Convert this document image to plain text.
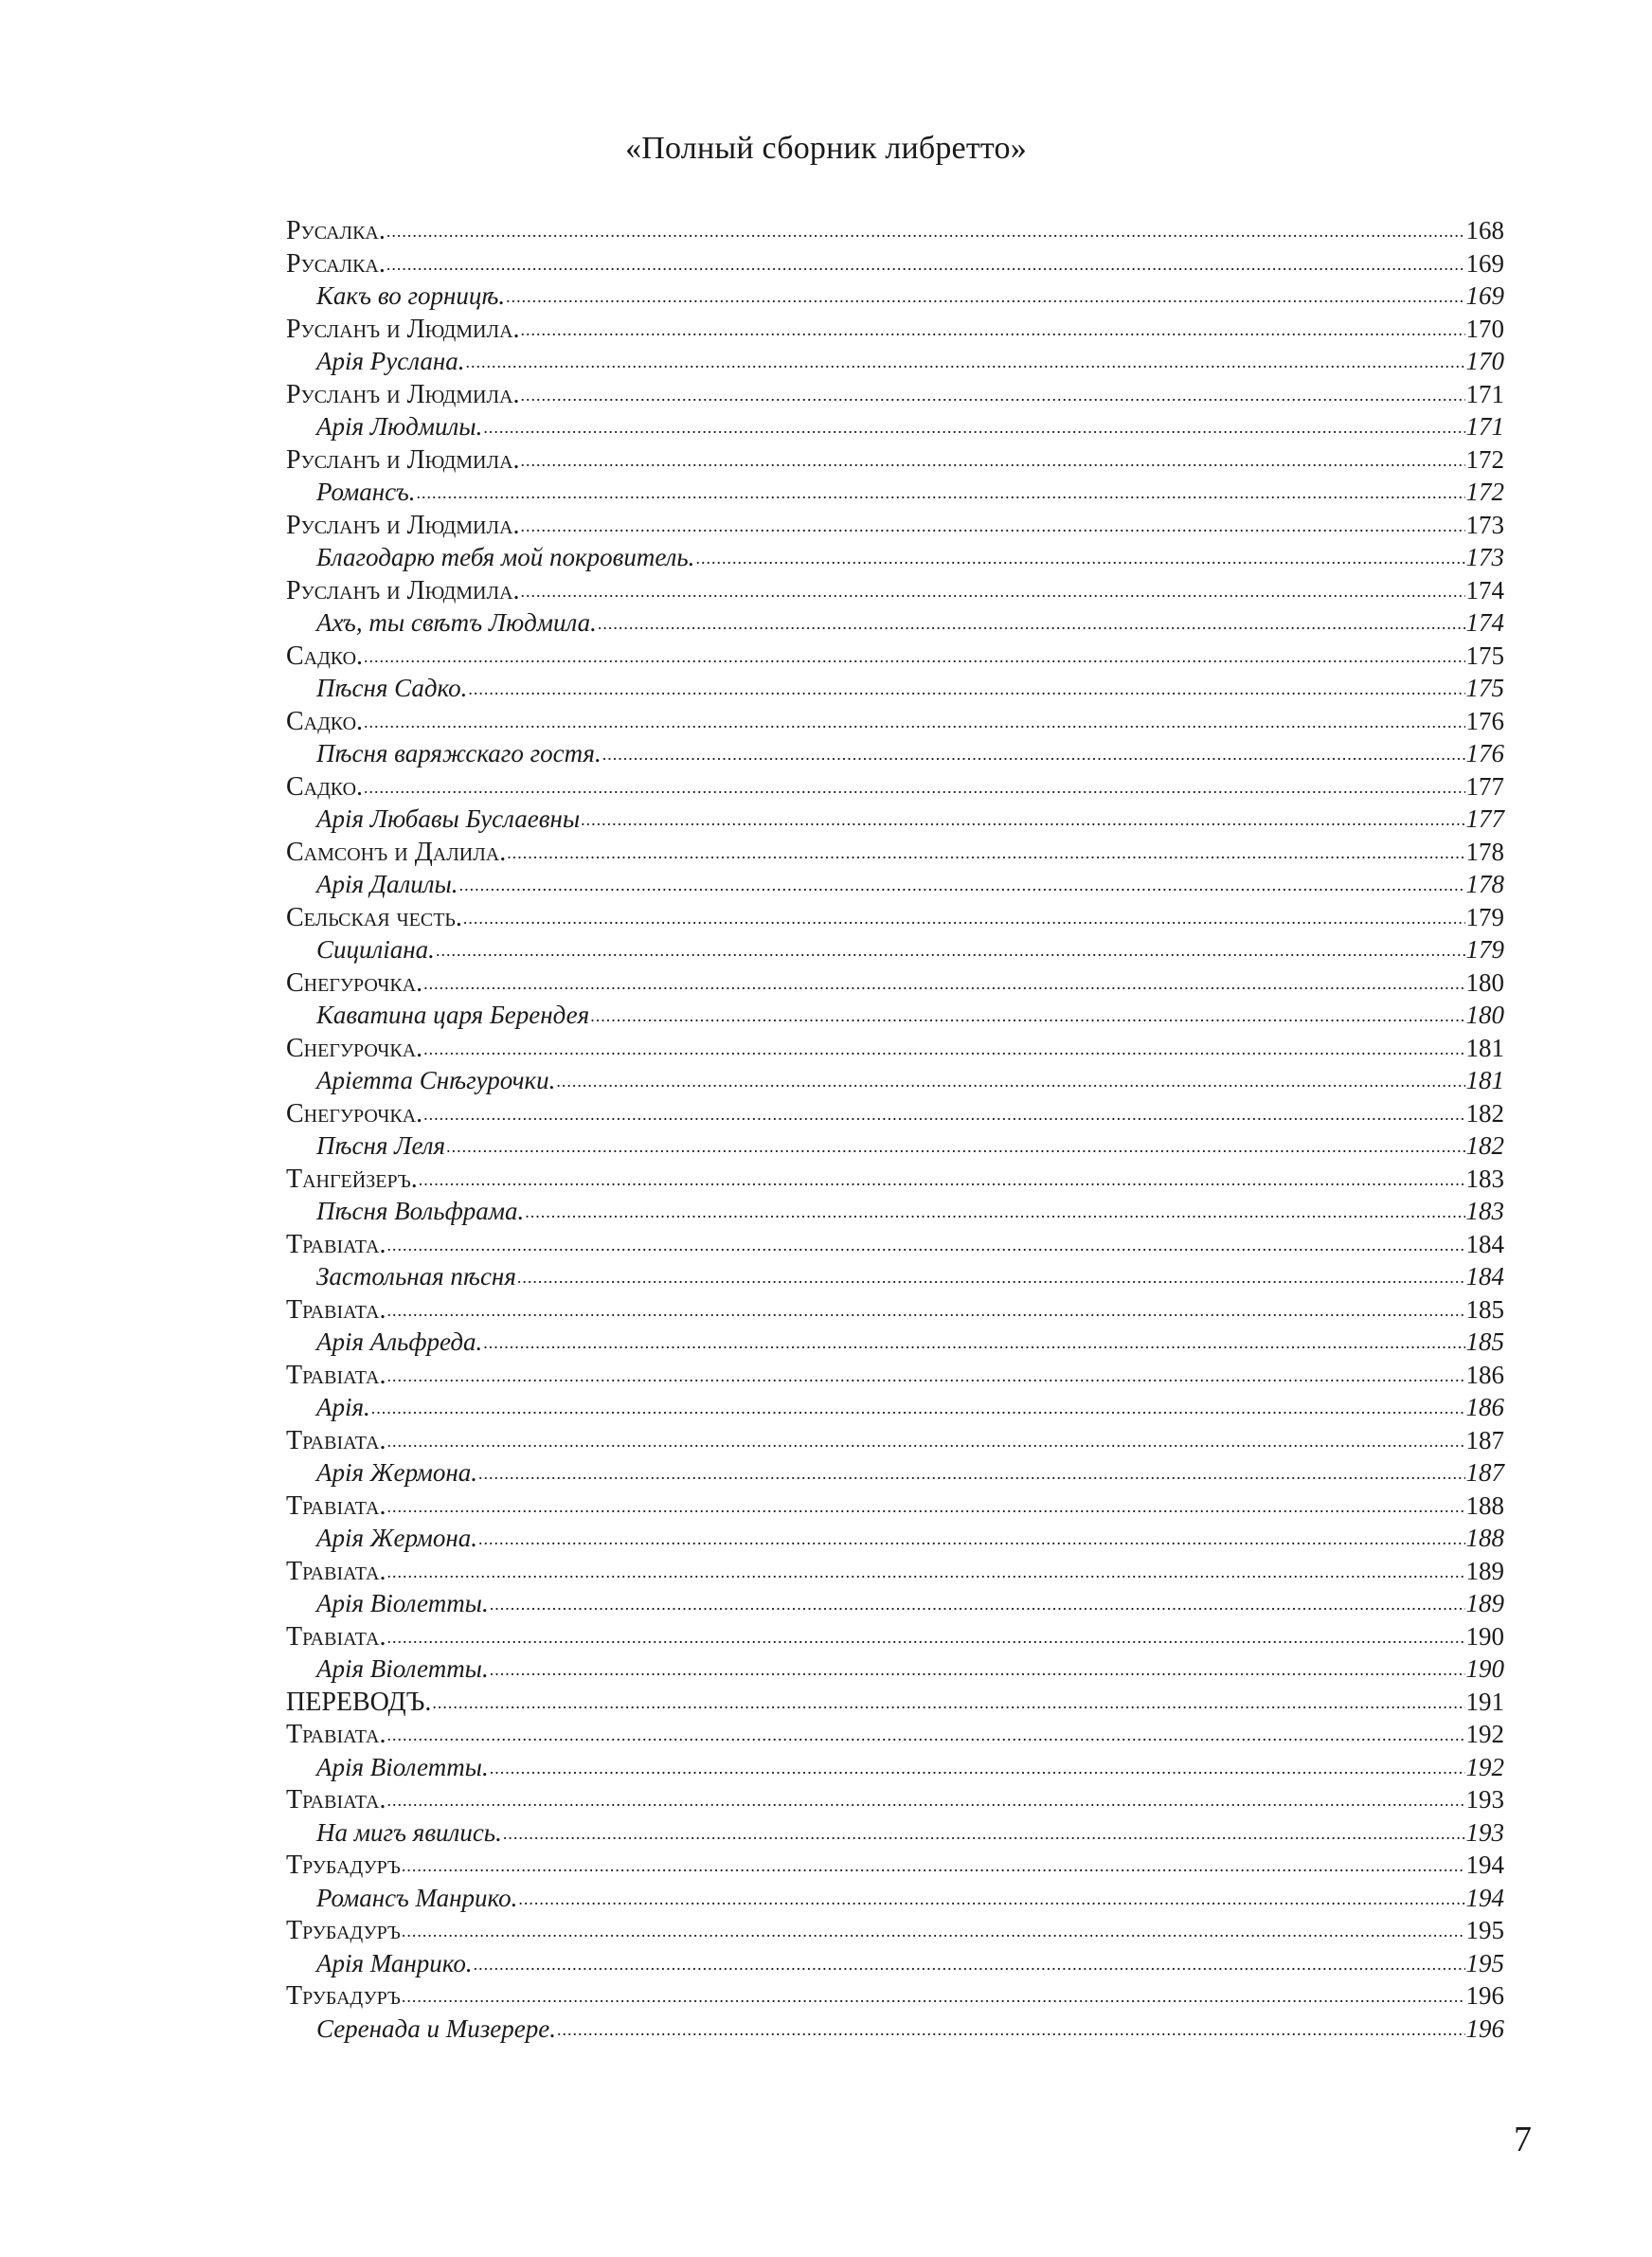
«Полный сборник либретто»
Русалка. .....	168
Русалка. .....	169
Какъ во горницѣ. .....	169
Русланъ и Людмила. .....	170
Арія Руслана. .....	170
Русланъ и Людмила. .....	171
Арія Людмилы. .....	171
Русланъ и Людмила. .....	172
Романсъ. .....	172
Русланъ и Людмила. .....	173
Благодарю тебя мой покровитель. .....	173
Русланъ и Людмила. .....	174
Ахъ, ты свѣтъ Людмила. .....	174
Садко. .....	175
Пѣсня Садко. .....	175
Садко. .....	176
Пѣсня варяжскаго гостя. .....	176
Садко. .....	177
Арія Любавы Буслаевны .....	177
Самсонъ и Далила. .....	178
Арія Далилы. .....	178
Сельская честь. .....	179
Сициліана. .....	179
Снегурочка. .....	180
Каватина царя Берендея .....	180
Снегурочка. .....	181
Аріетта Снѣгурочки. .....	181
Снегурочка. .....	182
Пѣсня Леля .....	182
Тангейзеръ. .....	183
Пѣсня Вольфрама. .....	183
Травіата. .....	184
Застольная пѣсня .....	184
Травіата. .....	185
Арія Альфреда. .....	185
Травіата. .....	186
Арія. .....	186
Травіата. .....	187
Арія Жермона. .....	187
Травіата. .....	188
Арія Жермона. .....	188
Травіата. .....	189
Арія Віолетты. .....	189
Травіата. .....	190
Арія Віолетты. .....	190
ПЕРЕВОДЪ. .....	191
Травіата. .....	192
Арія Віолетты. .....	192
Травіата. .....	193
На мигъ явились. .....	193
Трубадуръ .....	194
Романсъ Манрико. .....	194
Трубадуръ .....	195
Арія Манрико. .....	195
Трубадуръ .....	196
Серенада и Мизерере. .....	196
7
